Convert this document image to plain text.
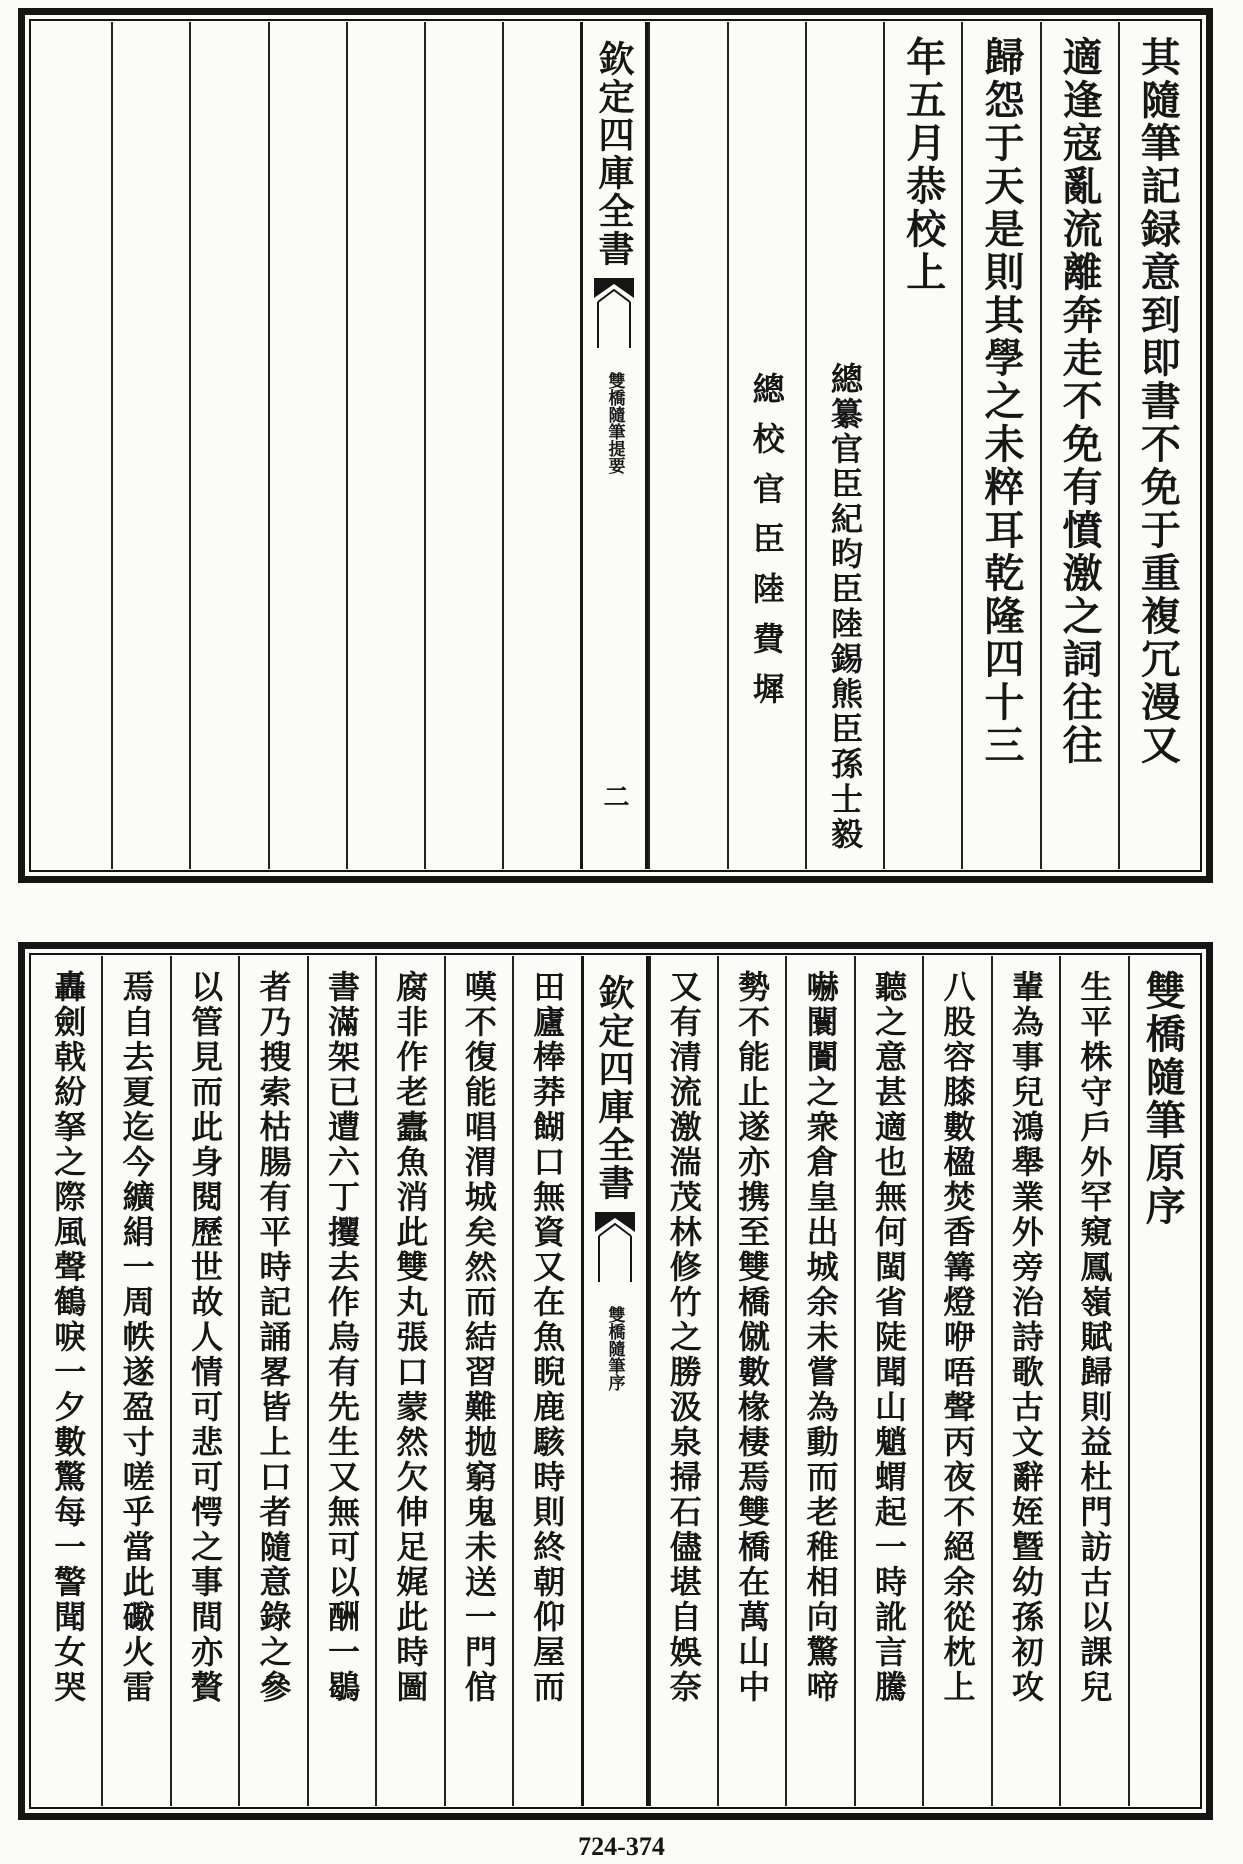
其隨筆記録意到即書不免于重複冗漫又
適逢寇亂流離奔走不免有憤激之詞往往
歸怨于天是則其學之未粹耳乾隆四十三
年五月恭校上
總纂官臣紀昀臣陸錫熊臣孫士毅
總校官臣陸費墀
欽定四庫全書
雙橋隨筆提要
二
雙橋隨筆原序
生平株守戶外罕窺鳳嶺賦歸則益杜門訪古以課兒
輩為事兒鴻舉業外旁治詩歌古文辭姪曁幼孫初攻
八股容膝數楹焚香篝燈咿唔聲丙夜不絕余從枕上
聽之意甚適也無何閩省陡聞山魈蝟起一時訛言騰
嚇闤闠之衆倉皇出城余未嘗為動而老稚相向驚啼
勢不能止遂亦携至雙橋僦數椽棲焉雙橋在萬山中
又有清流激湍茂林修竹之勝汲泉掃石儘堪自娛奈
欽定四庫全書
雙橋隨筆序
田廬棒莽餬口無資又在魚睨鹿駭時則終朝仰屋而
嘆不復能唱渭城矣然而結習難抛窮鬼未送一門倌
腐非作老蠹魚消此雙丸張口蒙然欠伸足娓此時圖
書滿架已遭六丁攫去作烏有先生又無可以酬一鶡
者乃搜索枯腸有平時記誦畧皆上口者隨意錄之參
以管見而此身閱歷世故人情可悲可愕之事間亦贅
焉自去夏迄今纊絹一周帙遂盈寸嗟乎當此礮火雷
轟劍戟紛拏之際風聲鶴唳一夕數驚每一警聞女哭
724-374
